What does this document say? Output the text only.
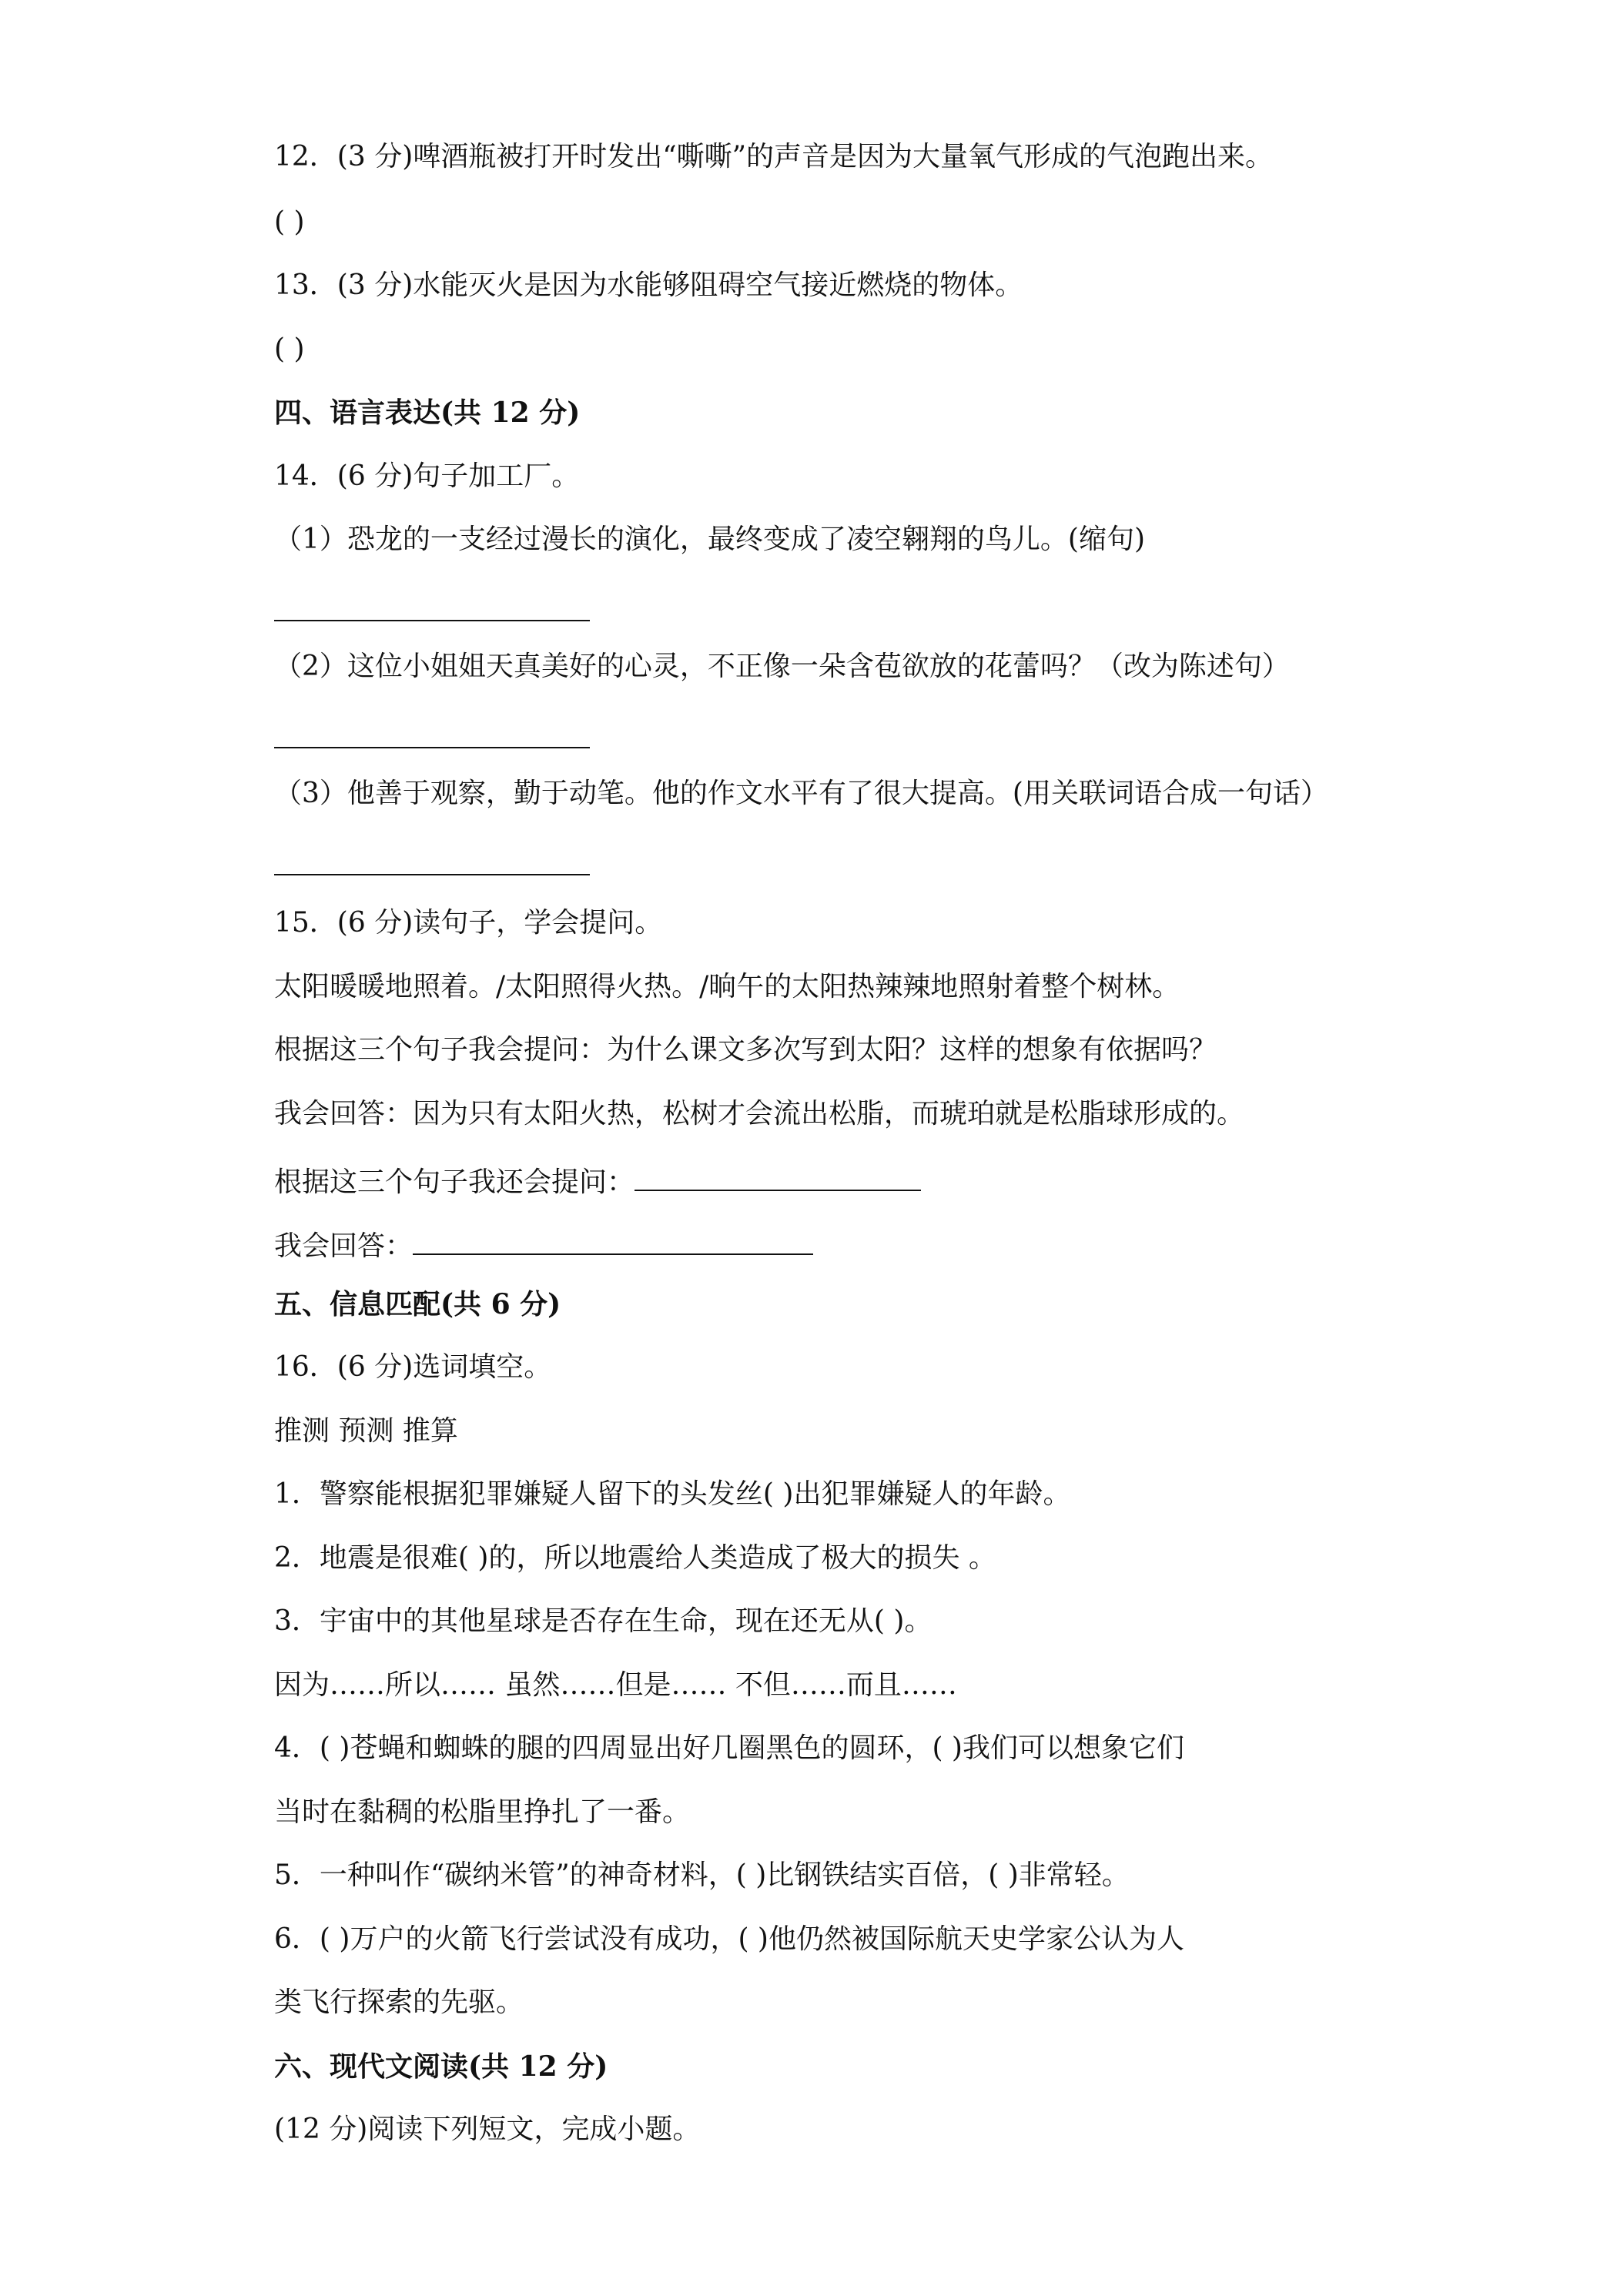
12．(3 分)啤酒瓶被打开时发出“嘶嘶”的声音是因为大量氧气形成的气泡跑出来。
( )
13．(3 分)水能灭火是因为水能够阻碍空气接近燃烧的物体。
( )
四、语言表达(共 12 分)
14．(6 分)句子加工厂。
（1）恐龙的一支经过漫长的演化，最终变成了凌空翱翔的鸟儿。(缩句)
（2）这位小姐姐天真美好的心灵，不正像一朵含苞欲放的花蕾吗？（改为陈述句）
（3）他善于观察，勤于动笔。他的作文水平有了很大提高。(用关联词语合成一句话）
15．(6 分)读句子，学会提问。
太阳暖暖地照着。/太阳照得火热。/晌午的太阳热辣辣地照射着整个树林。
根据这三个句子我会提问：为什么课文多次写到太阳？这样的想象有依据吗？
我会回答：因为只有太阳火热，松树才会流出松脂，而琥珀就是松脂球形成的。
根据这三个句子我还会提问：
我会回答：
五、信息匹配(共 6 分)
16．(6 分)选词填空。
推测 预测 推算
1．警察能根据犯罪嫌疑人留下的头发丝( )出犯罪嫌疑人的年龄。
2．地震是很难( )的，所以地震给人类造成了极大的损失 。
3．宇宙中的其他星球是否存在生命，现在还无从( )。
因为……所以…… 虽然……但是…… 不但……而且……
4．( )苍蝇和蜘蛛的腿的四周显出好几圈黑色的圆环，( )我们可以想象它们
当时在黏稠的松脂里挣扎了一番。
5．一种叫作“碳纳米管”的神奇材料，( )比钢铁结实百倍，( )非常轻。
6．( )万户的火箭飞行尝试没有成功，( )他仍然被国际航天史学家公认为人
类飞行探索的先驱。
六、现代文阅读(共 12 分)
(12 分)阅读下列短文，完成小题。
